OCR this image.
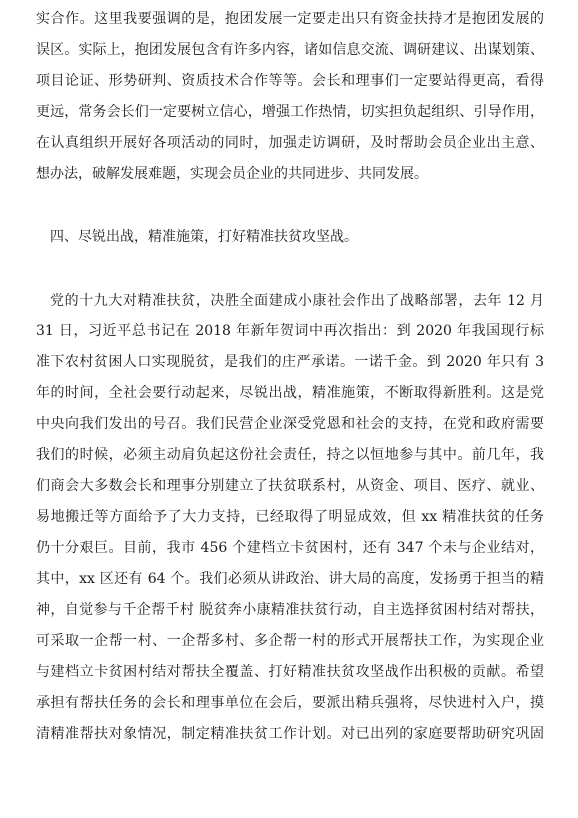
实合作。这里我要强调的是，抱团发展一定要走出只有资金扶持才是抱团发展的
误区。实际上，抱团发展包含有许多内容，诸如信息交流、调研建议、出谋划策、
项目论证、形势研判、资质技术合作等等。会长和理事们一定要站得更高，看得
更远，常务会长们一定要树立信心，增强工作热情，切实担负起组织、引导作用，
在认真组织开展好各项活动的同时，加强走访调研，及时帮助会员企业出主意、
想办法，破解发展难题，实现会员企业的共同进步、共同发展。
四、尽锐出战，精准施策，打好精准扶贫攻坚战。
党的十九大对精准扶贫，决胜全面建成小康社会作出了战略部署，去年 12 月
31 日，习近平总书记在 2018 年新年贺词中再次指出：到 2020 年我国现行标
准下农村贫困人口实现脱贫，是我们的庄严承诺。一诺千金。到 2020 年只有 3
年的时间，全社会要行动起来，尽锐出战，精准施策，不断取得新胜利。这是党
中央向我们发出的号召。我们民营企业深受党恩和社会的支持，在党和政府需要
我们的时候，必须主动肩负起这份社会责任，持之以恒地参与其中。前几年，我
们商会大多数会长和理事分别建立了扶贫联系村，从资金、项目、医疗、就业、
易地搬迁等方面给予了大力支持，已经取得了明显成效，但 xx 精准扶贫的任务
仍十分艰巨。目前，我市 456 个建档立卡贫困村，还有 347 个未与企业结对，
其中，xx 区还有 64 个。我们必须从讲政治、讲大局的高度，发扬勇于担当的精
神，自觉参与千企帮千村 脱贫奔小康精准扶贫行动，自主选择贫困村结对帮扶，
可采取一企帮一村、一企帮多村、多企帮一村的形式开展帮扶工作，为实现企业
与建档立卡贫困村结对帮扶全覆盖、打好精准扶贫攻坚战作出积极的贡献。希望
承担有帮扶任务的会长和理事单位在会后，要派出精兵强将，尽快进村入户，摸
清精准帮扶对象情况，制定精准扶贫工作计划。对已出列的家庭要帮助研究巩固
